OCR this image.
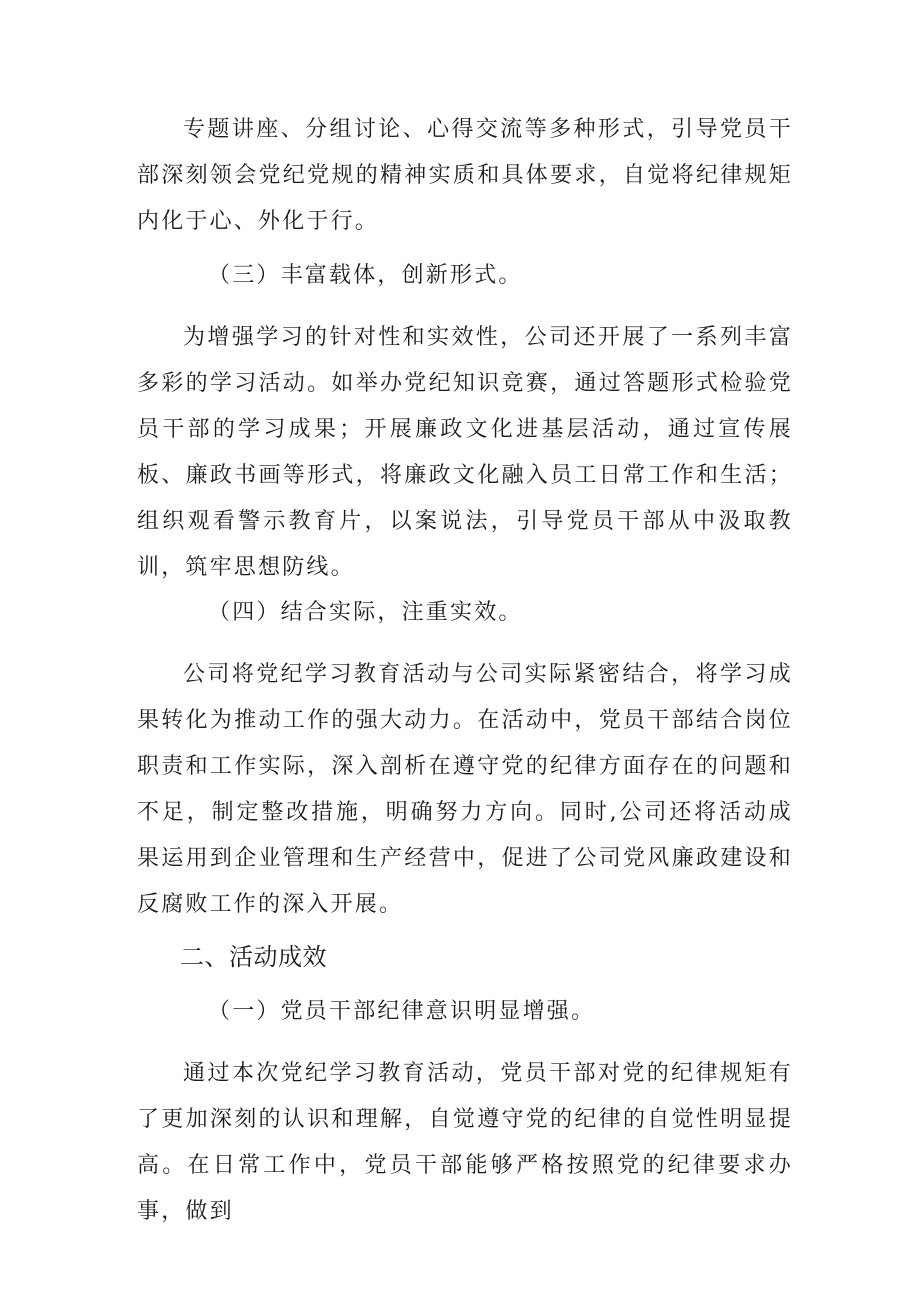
专题讲座、分组讨论、心得交流等多种形式，引导党员干部深刻领会党纪党规的精神实质和具体要求，自觉将纪律规矩内化于心、外化于行。

（三）丰富载体，创新形式。

为增强学习的针对性和实效性，公司还开展了一系列丰富多彩的学习活动。如举办党纪知识竞赛，通过答题形式检验党员干部的学习成果；开展廉政文化进基层活动，通过宣传展板、廉政书画等形式，将廉政文化融入员工日常工作和生活；组织观看警示教育片，以案说法，引导党员干部从中汲取教训，筑牢思想防线。

（四）结合实际，注重实效。

公司将党纪学习教育活动与公司实际紧密结合，将学习成果转化为推动工作的强大动力。在活动中，党员干部结合岗位职责和工作实际，深入剖析在遵守党的纪律方面存在的问题和不足，制定整改措施，明确努力方向。同时,公司还将活动成果运用到企业管理和生产经营中，促进了公司党风廉政建设和反腐败工作的深入开展。

二、活动成效

（一）党员干部纪律意识明显增强。

通过本次党纪学习教育活动，党员干部对党的纪律规矩有了更加深刻的认识和理解，自觉遵守党的纪律的自觉性明显提高。在日常工作中，党员干部能够严格按照党的纪律要求办事，做到
